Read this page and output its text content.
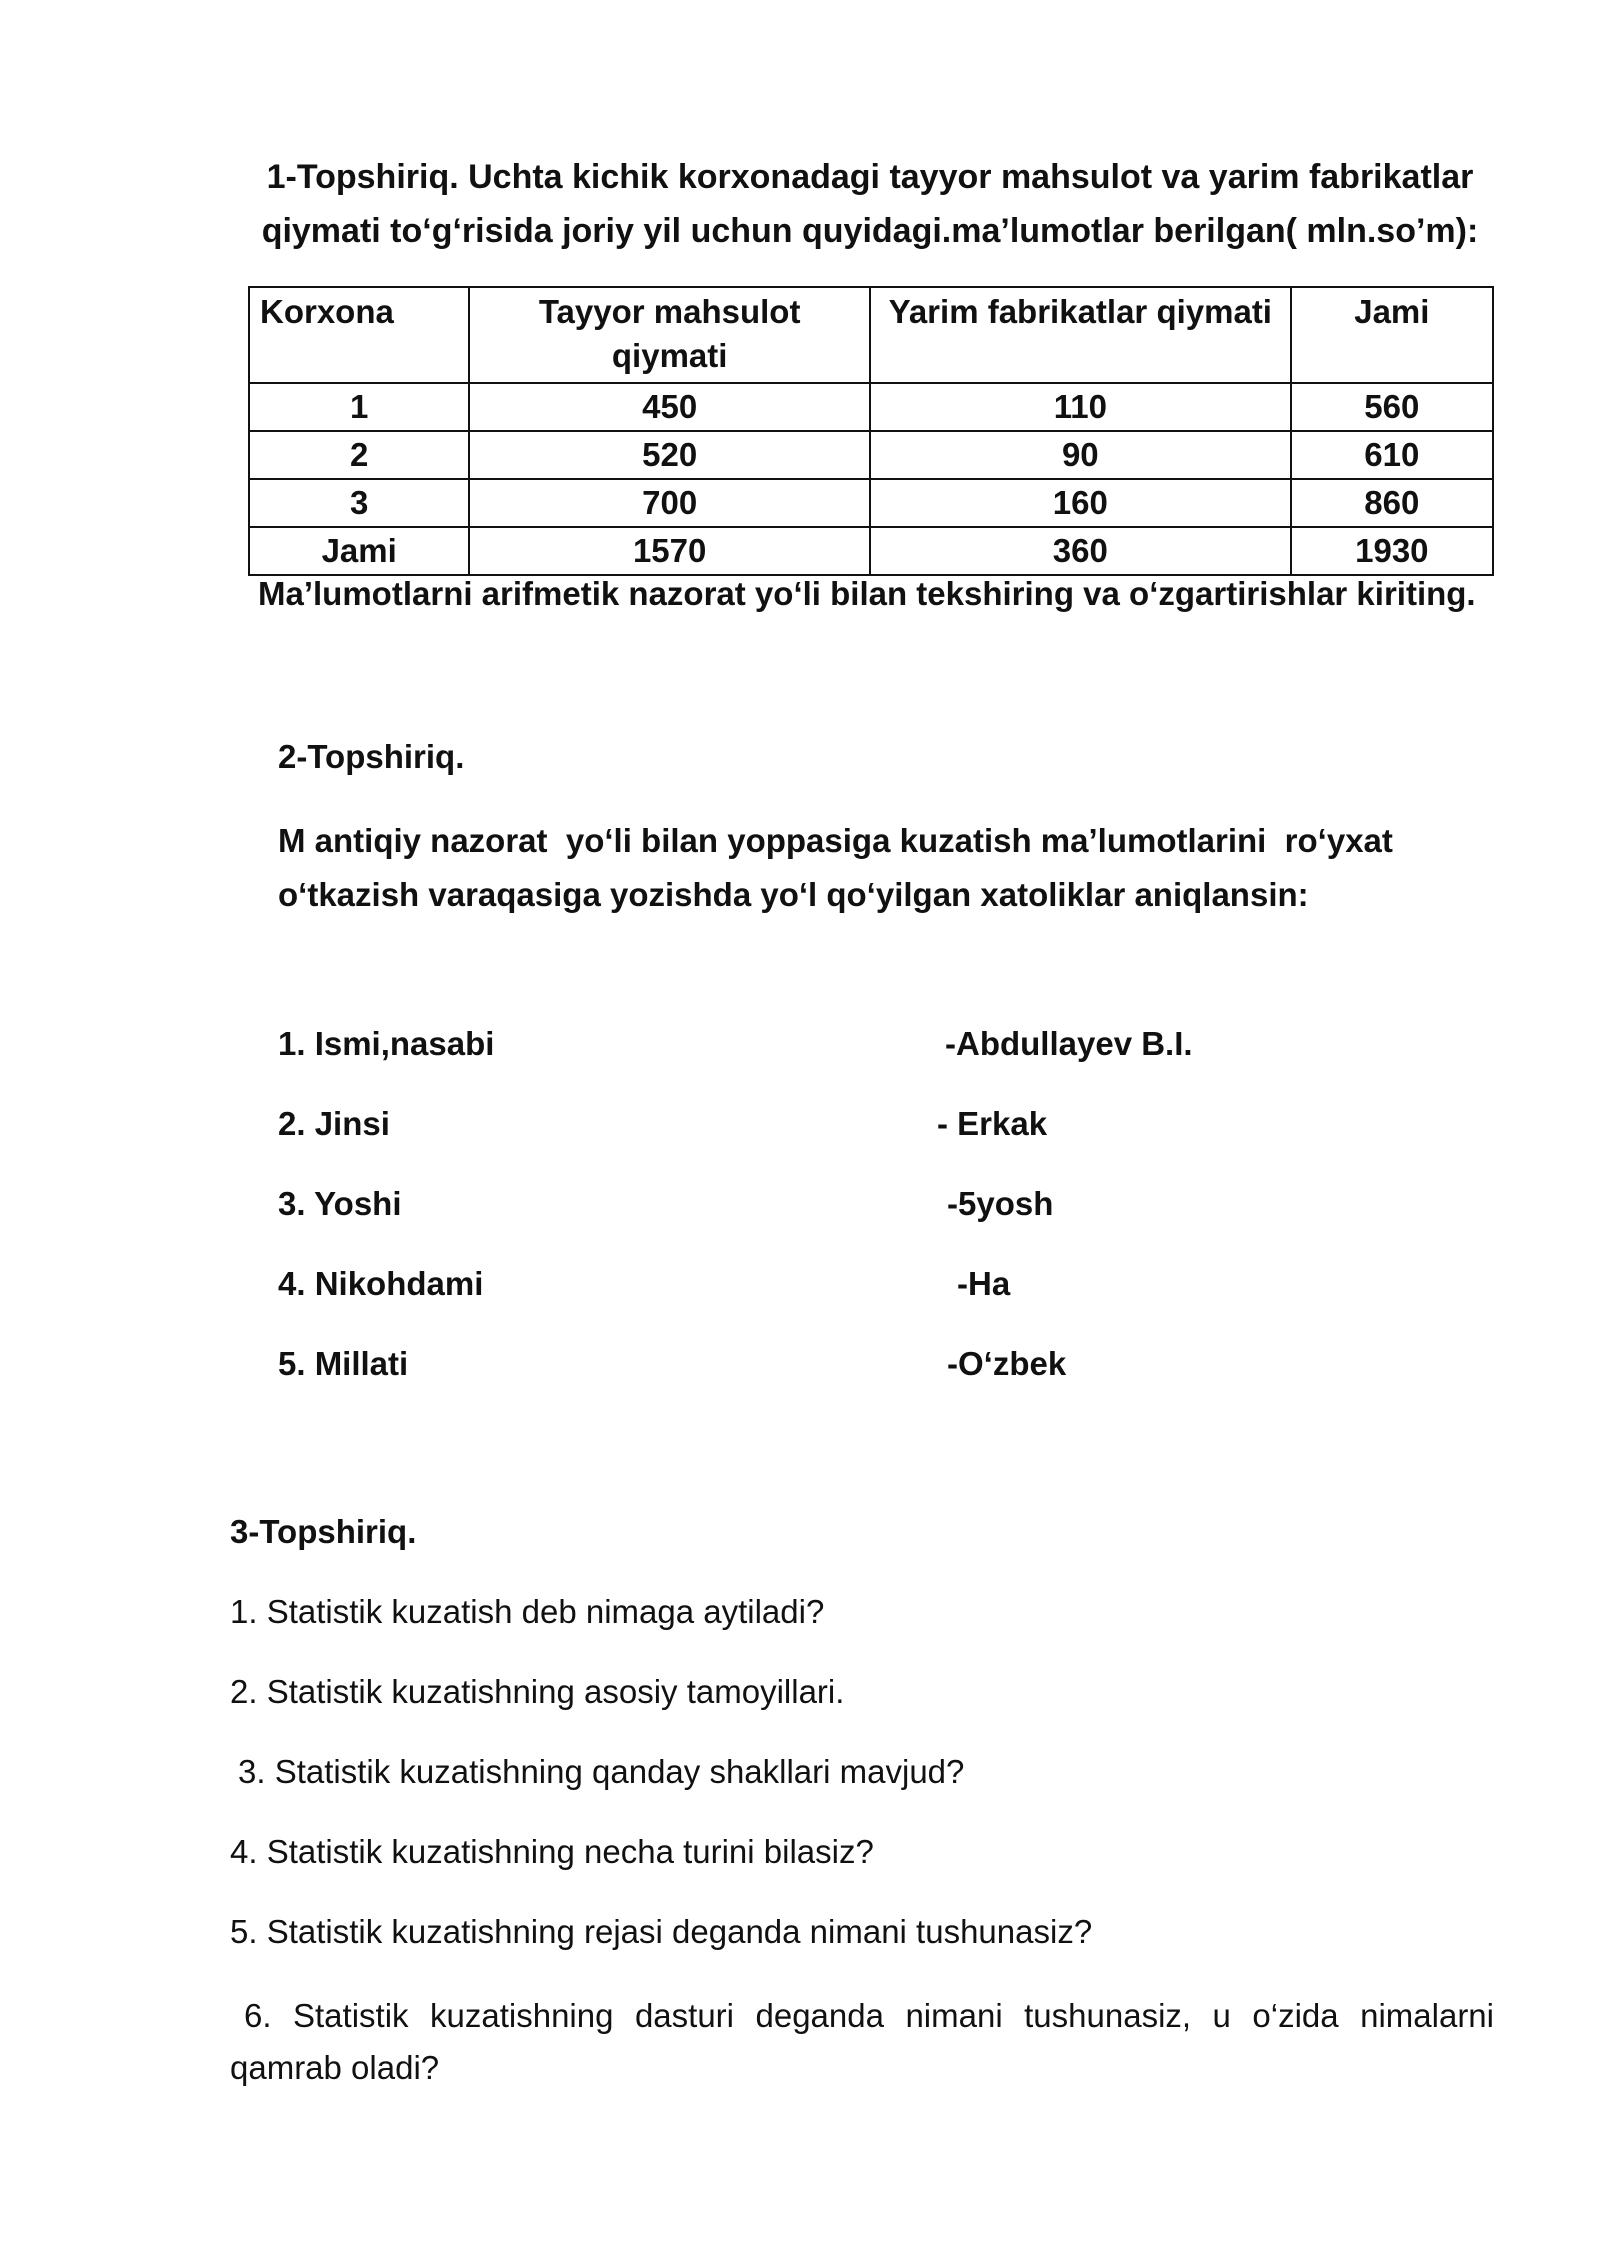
1-Topshiriq. Uchta kichik korxonadagi tayyor mahsulot va yarim fabrikatlar
qiymati to‘g‘risida joriy yil uchun quyidagi.ma’lumotlar berilgan( mln.so’m):
Korxona	Tayyor mahsulot qiymati	Yarim fabrikatlar qiymati	Jami
1	450	110	560
2	520	90	610
3	700	160	860
Jami	1570	360	1930
Ma’lumotlarni arifmetik nazorat yo‘li bilan tekshiring va o‘zgartirishlar kiriting.
2-Topshiriq.
M antiqiy nazorat  yo‘li bilan yoppasiga kuzatish ma’lumotlarini  ro‘yxat
o‘tkazish varaqasiga yozishda yo‘l qo‘yilgan xatoliklar aniqlansin:
1. Ismi,nasabi	-Abdullayev B.I.
2. Jinsi	- Erkak
3. Yoshi	-5yosh
4. Nikohdami	-Ha
5. Millati	-O‘zbek
3-Topshiriq.
1. Statistik kuzatish deb nimaga aytiladi?
2. Statistik kuzatishning asosiy tamoyillari.
3. Statistik kuzatishning qanday shakllari mavjud?
4. Statistik kuzatishning necha turini bilasiz?
5. Statistik kuzatishning rejasi deganda nimani tushunasiz?
6. Statistik kuzatishning dasturi deganda nimani tushunasiz, u o‘zida nimalarni
qamrab oladi?
